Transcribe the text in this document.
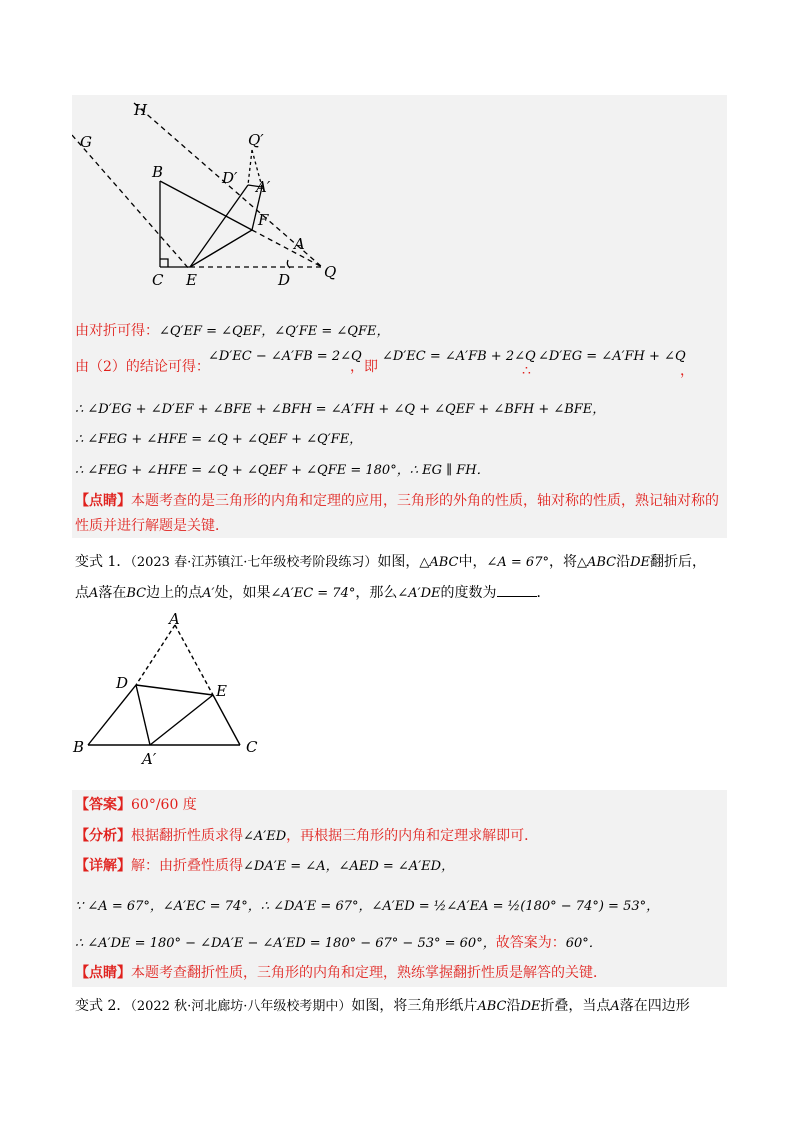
H
G	Q′
D′ A′
B
F
A
C E	D Q
由对折可得：∠Q′EF = ∠QEF，∠Q′FE = ∠QFE，
由（2）的结论可得：
∠D′EC − ∠A′FB = 2∠Q
，即
∠D′EC = ∠A′FB + 2∠Q
∴
∠D′EG = ∠A′FH + ∠Q
，
∴ ∠D′EG + ∠D′EF + ∠BFE + ∠BFH = ∠A′FH + ∠Q + ∠QEF + ∠BFH + ∠BFE，
∴ ∠FEG + ∠HFE = ∠Q + ∠QEF + ∠Q′FE，
∴ ∠FEG + ∠HFE = ∠Q + ∠QEF + ∠QFE = 180°，∴ EG ∥ FH．
【点睛】本题考查的是三角形的内角和定理的应用，三角形的外角的性质，轴对称的性质，熟记轴对称的
性质并进行解题是关键．
变式 1．（2023 春·江苏镇江·七年级校考阶段练习）如图，△ABC中，∠A = 67°，将△ABC沿DE翻折后，
点A落在BC边上的点A′处，如果∠A′EC = 74°，那么∠A′DE的度数为	．
A
D	E
B
A′
C
【答案】60°/60 度
【分析】根据翻折性质求得∠A′ED，再根据三角形的内角和定理求解即可．
【详解】解：由折叠性质得∠DA′E = ∠A，∠AED = ∠A′ED，
∵ ∠A = 67°，∠A′EC = 74°，∴ ∠DA′E = 67°，∠A′ED = ½∠A′EA = ½(180° − 74°) = 53°，
∴ ∠A′DE = 180° − ∠DA′E − ∠A′ED = 180° − 67° − 53° = 60°，故答案为：60°．
【点睛】本题考查翻折性质，三角形的内角和定理，熟练掌握翻折性质是解答的关键．
变式 2．（2022 秋·河北廊坊·八年级校考期中）如图，将三角形纸片ABC沿DE折叠，当点A落在四边形
